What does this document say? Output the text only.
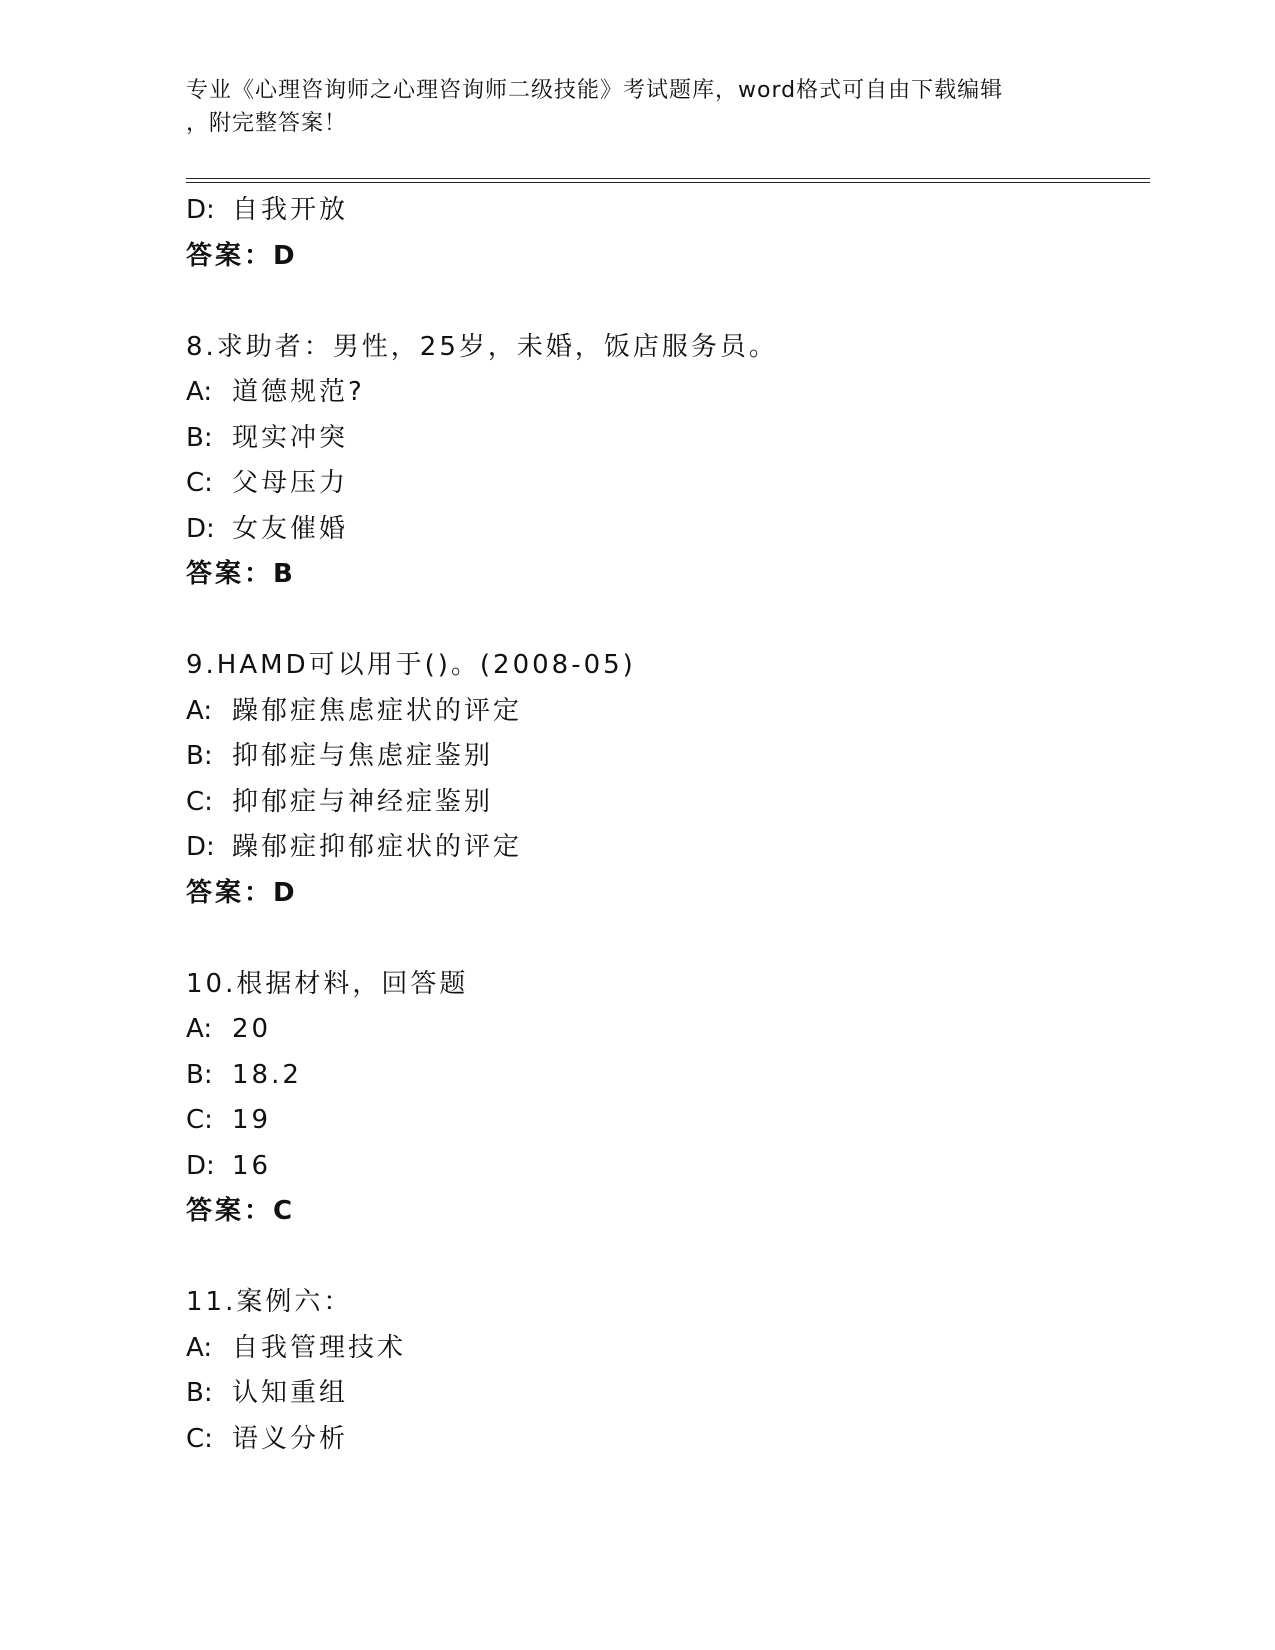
专业《心理咨询师之心理咨询师二级技能》考试题库，word格式可自由下载编辑
，附完整答案！
D: 自我开放
答案：D
8.求助者：男性，25岁，未婚，饭店服务员。
A: 道德规范?
B: 现实冲突
C: 父母压力
D: 女友催婚
答案：B
9.HAMD可以用于()。(2008-05)
A: 躁郁症焦虑症状的评定
B: 抑郁症与焦虑症鉴别
C: 抑郁症与神经症鉴别
D: 躁郁症抑郁症状的评定
答案：D
10.根据材料，回答题
A: 20
B: 18.2
C: 19
D: 16
答案：C
11.案例六：
A: 自我管理技术
B: 认知重组
C: 语义分析
